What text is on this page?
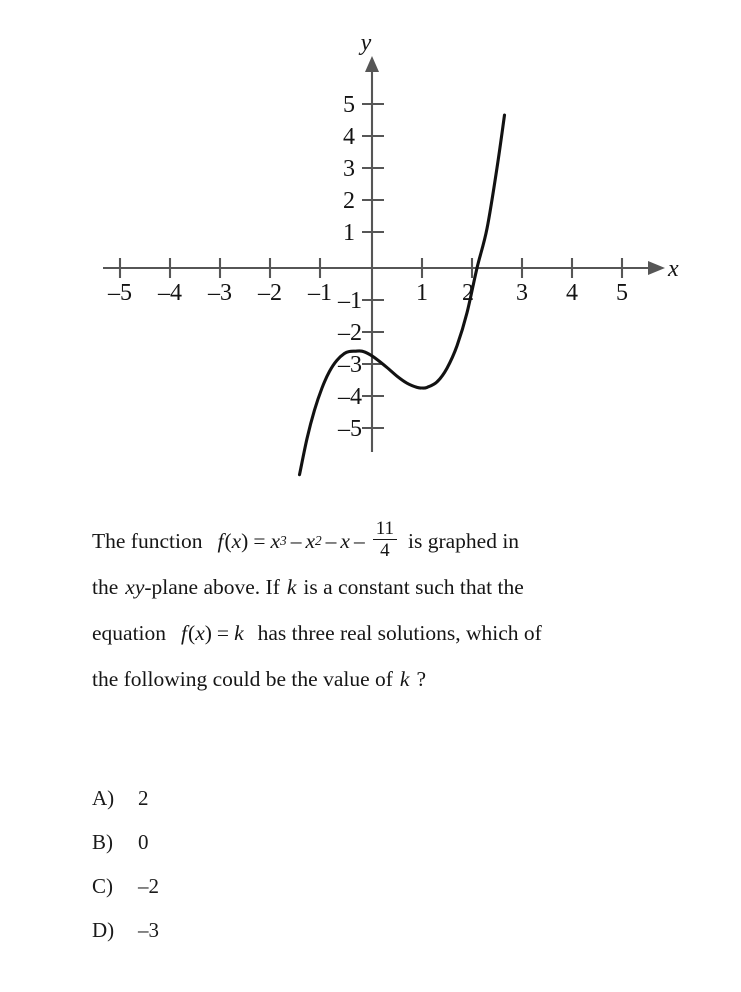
–5 –4 –3 –2 –1	1 2 3 4 5
5
4
3
2
1
–1
–2
–3
–4
–5
x
y
The function f ( x ) = x 3 – x 2 – x – $\frac{11}{4}$ is graphed in
the xy -plane above. If k is a constant such that the
equation f ( x ) = k has three real solutions, which of
the following could be the value of k ?
A)	2
B)	0
C)	–2
D)	–3
